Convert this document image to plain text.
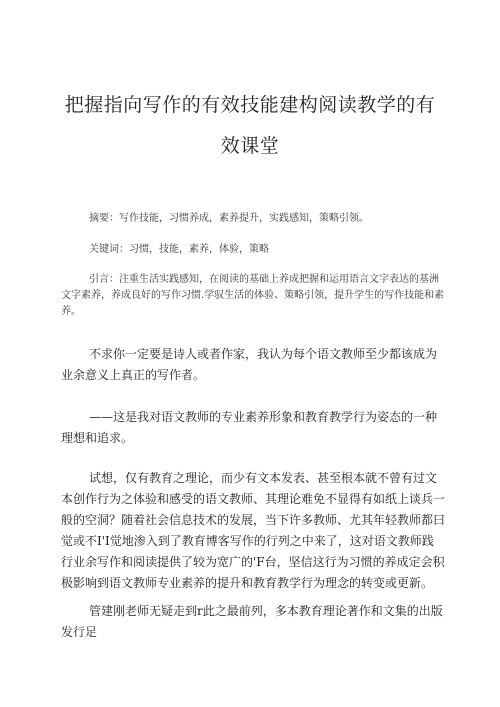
把握指向写作的有效技能建构阅读教学的有
效课堂
摘要：写作技能，习惯养成，素养提升，实践感知，策略引领。
关键词：习惯，技能，素养，体验，策略

引言：注重生活实践感知，在阅读的基础上养成把握和运用语言文字表达的基洲文字素养，养成良好的写作习惯.学驭生活的体验、策略引领，提升学生的写作技能和素养。

不求你一定要是诗人或者作家，我认为每个语文教师至少都该成为业余意义上真正的写作者。

——这是我对语文教师的专业素养形象和教育教学行为姿态的一种理想和追求。

试想，仅有教育之理论，而少有文本发表、甚至根本就不曾有过文本创作行为之体验和感受的语文教师、其理论难免不显得有如纸上谈兵一般的空洞？随着社会信息技术的发展，当下许多教师、尤其年轻教师都曰觉或不I'I觉地渗入到了教育博客写作的行列之中来了，这对语文教师践行业余写作和阅读提供了较为宽广的'F台，坚信这行为习惯的养成定会积极影响到语文教师专业素养的提升和教育教学行为理念的转变或更新。

管建刚老师无疑走到r此之最前列，多本教育理论著作和文集的出版发行足
